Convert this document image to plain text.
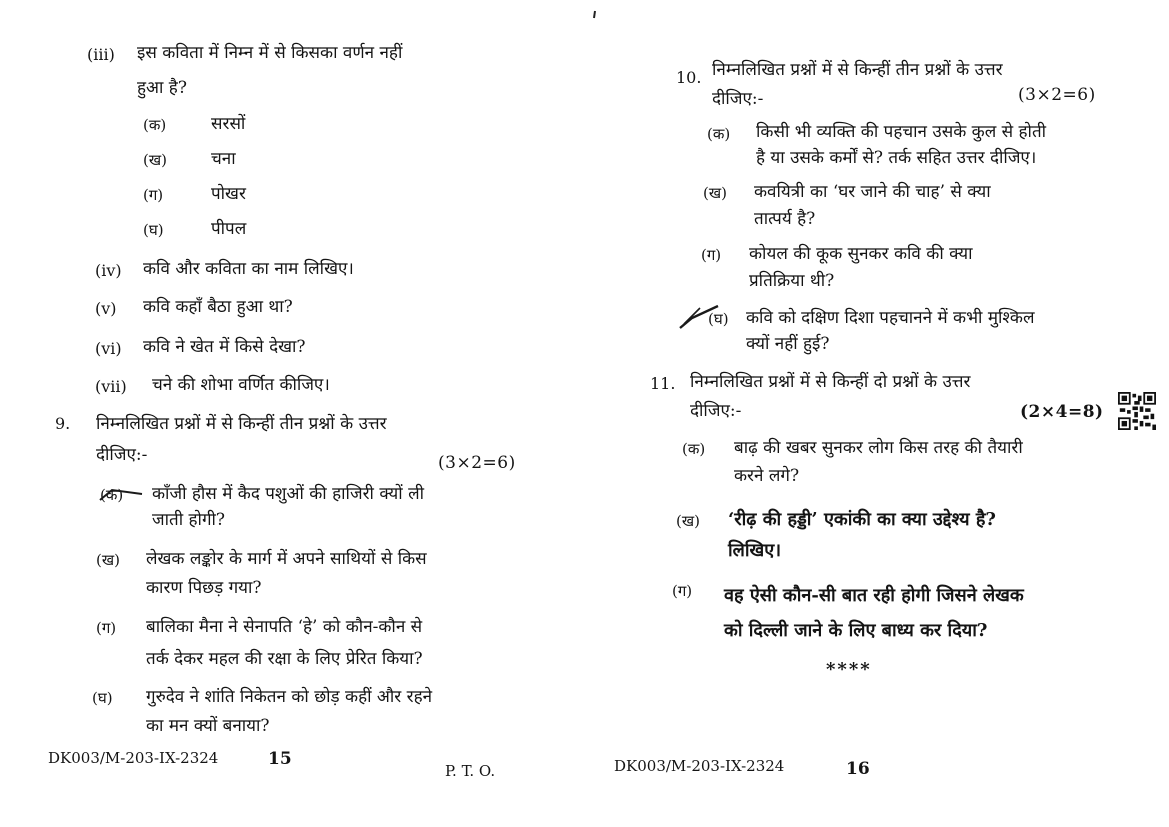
(iii) इस कविता में निम्न में से किसका वर्णन नहीं
हुआ है?
(क)	सरसों
(ख)	चना
(ग)	पोखर
(घ)	पीपल
(iv) कवि और कविता का नाम लिखिए।
(v) कवि कहाँ बैठा हुआ था?
(vi) कवि ने खेत में किसे देखा?
(vii) चने की शोभा वर्णित कीजिए।
9. निम्नलिखित प्रश्नों में से किन्हीं तीन प्रश्नों के उत्तर
दीजिए:-	(3×2=6)
(क) काँजी हौस में कैद पशुओं की हाजिरी क्यों ली
जाती होगी?
(ख) लेखक लङ्कोर के मार्ग में अपने साथियों से किस
कारण पिछड़ गया?
(ग) बालिका मैना ने सेनापति ‘हे’ को कौन-कौन से
तर्क देकर महल की रक्षा के लिए प्रेरित किया?
(घ) गुरुदेव ने शांति निकेतन को छोड़ कहीं और रहने
का मन क्यों बनाया?
DK003/M-203-IX-2324	15
P. T. O.
10. निम्नलिखित प्रश्नों में से किन्हीं तीन प्रश्नों के उत्तर
दीजिए:-	(3×2=6)
(क) किसी भी व्यक्ति की पहचान उसके कुल से होती
है या उसके कर्मों से? तर्क सहित उत्तर दीजिए।
(ख) कवयित्री का ‘घर जाने की चाह’ से क्या
तात्पर्य है?
(ग) कोयल की कूक सुनकर कवि की क्या
प्रतिक्रिया थी?
(घ) कवि को दक्षिण दिशा पहचानने में कभी मुश्किल
क्यों नहीं हुई?
11. निम्नलिखित प्रश्नों में से किन्हीं दो प्रश्नों के उत्तर
दीजिए:-	(2×4=8)
(क) बाढ़ की खबर सुनकर लोग किस तरह की तैयारी
करने लगे?
(ख) ‘रीढ़ की हड्डी’ एकांकी का क्या उद्देश्य है?
लिखिए।
(ग) वह ऐसी कौन-सी बात रही होगी जिसने लेखक
को दिल्ली जाने के लिए बाध्य कर दिया?
****
DK003/M-203-IX-2324	16
